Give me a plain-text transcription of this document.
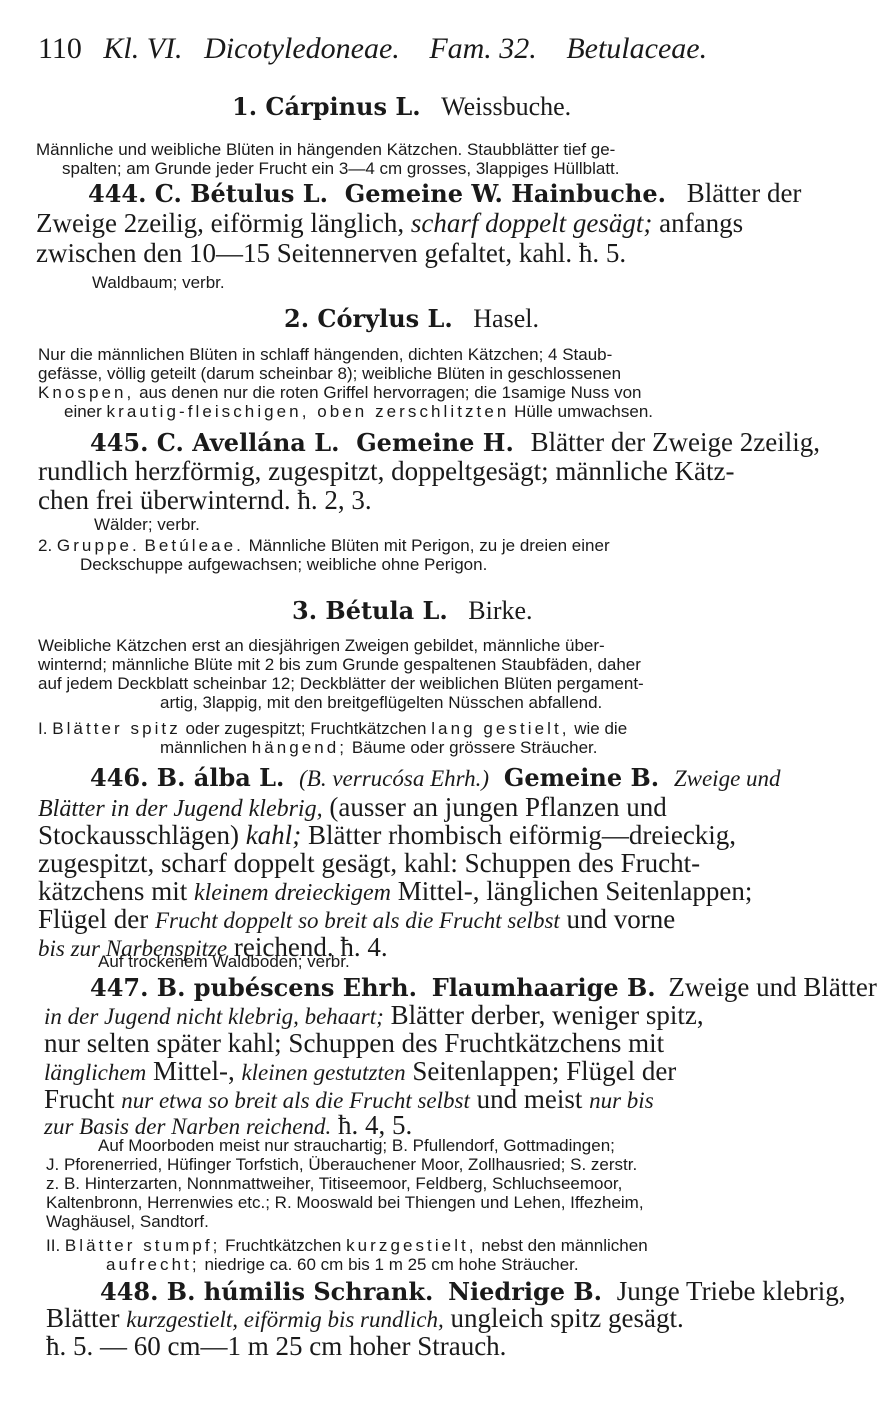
110 Kl. VI. Dicotyledoneae. Fam. 32. Betulaceae.
1. Cárpinus L. Weissbuche.
Männliche und weibliche Blüten in hängenden Kätzchen. Staubblätter tief ge-
spalten; am Grunde jeder Frucht ein 3—4 cm grosses, 3lappiges Hüllblatt.
444. C. Bétulus L. Gemeine W. Hainbuche. Blätter der
Zweige 2zeilig, eiförmig länglich, scharf doppelt gesägt; anfangs
zwischen den 10—15 Seitennerven gefaltet, kahl. ħ. 5.
Waldbaum; verbr.
2. Córylus L. Hasel.
Nur die männlichen Blüten in schlaff hängenden, dichten Kätzchen; 4 Staub-
gefässe, völlig geteilt (darum scheinbar 8); weibliche Blüten in geschlossenen
Knospen, aus denen nur die roten Griffel hervorragen; die 1samige Nuss von
einer krautig-fleischigen, oben zerschlitzten Hülle umwachsen.
445. C. Avellána L. Gemeine H. Blätter der Zweige 2zeilig,
rundlich herzförmig, zugespitzt, doppeltgesägt; männliche Kätz-
chen frei überwinternd. ħ. 2, 3.
Wälder; verbr.
2. Gruppe. Betúleae. Männliche Blüten mit Perigon, zu je dreien einer
Deckschuppe aufgewachsen; weibliche ohne Perigon.
3. Bétula L. Birke.
Weibliche Kätzchen erst an diesjährigen Zweigen gebildet, männliche über-
winternd; männliche Blüte mit 2 bis zum Grunde gespaltenen Staubfäden, daher
auf jedem Deckblatt scheinbar 12; Deckblätter der weiblichen Blüten pergament-
artig, 3lappig, mit den breitgeflügelten Nüsschen abfallend.
I. Blätter spitz oder zugespitzt; Fruchtkätzchen lang gestielt, wie die
männlichen hängend; Bäume oder grössere Sträucher.
446. B. álba L. (B. verrucósa Ehrh.) Gemeine B. Zweige und
Blätter in der Jugend klebrig, (ausser an jungen Pflanzen und
Stockausschlägen) kahl; Blätter rhombisch eiförmig—dreieckig,
zugespitzt, scharf doppelt gesägt, kahl: Schuppen des Frucht-
kätzchens mit kleinem dreieckigem Mittel-, länglichen Seitenlappen;
Flügel der Frucht doppelt so breit als die Frucht selbst und vorne
bis zur Narbenspitze reichend. ħ. 4.
Auf trockenem Waldboden; verbr.
447. B. pubéscens Ehrh. Flaumhaarige B. Zweige und Blätter
in der Jugend nicht klebrig, behaart; Blätter derber, weniger spitz,
nur selten später kahl; Schuppen des Fruchtkätzchens mit
länglichem Mittel-, kleinen gestutzten Seitenlappen; Flügel der
Frucht nur etwa so breit als die Frucht selbst und meist nur bis
zur Basis der Narben reichend. ħ. 4, 5.
Auf Moorboden meist nur strauchartig; B. Pfullendorf, Gottmadingen;
J. Pforenerried, Hüfinger Torfstich, Überauchener Moor, Zollhausried; S. zerstr.
z. B. Hinterzarten, Nonnmattweiher, Titiseemoor, Feldberg, Schluchseemoor,
Kaltenbronn, Herrenwies etc.; R. Mooswald bei Thiengen und Lehen, Iffezheim,
Waghäusel, Sandtorf.
II. Blätter stumpf; Fruchtkätzchen kurzgestielt, nebst den männlichen
aufrecht; niedrige ca. 60 cm bis 1 m 25 cm hohe Sträucher.
448. B. húmilis Schrank. Niedrige B. Junge Triebe klebrig,
Blätter kurzgestielt, eiförmig bis rundlich, ungleich spitz gesägt.
ħ. 5. — 60 cm—1 m 25 cm hoher Strauch.
